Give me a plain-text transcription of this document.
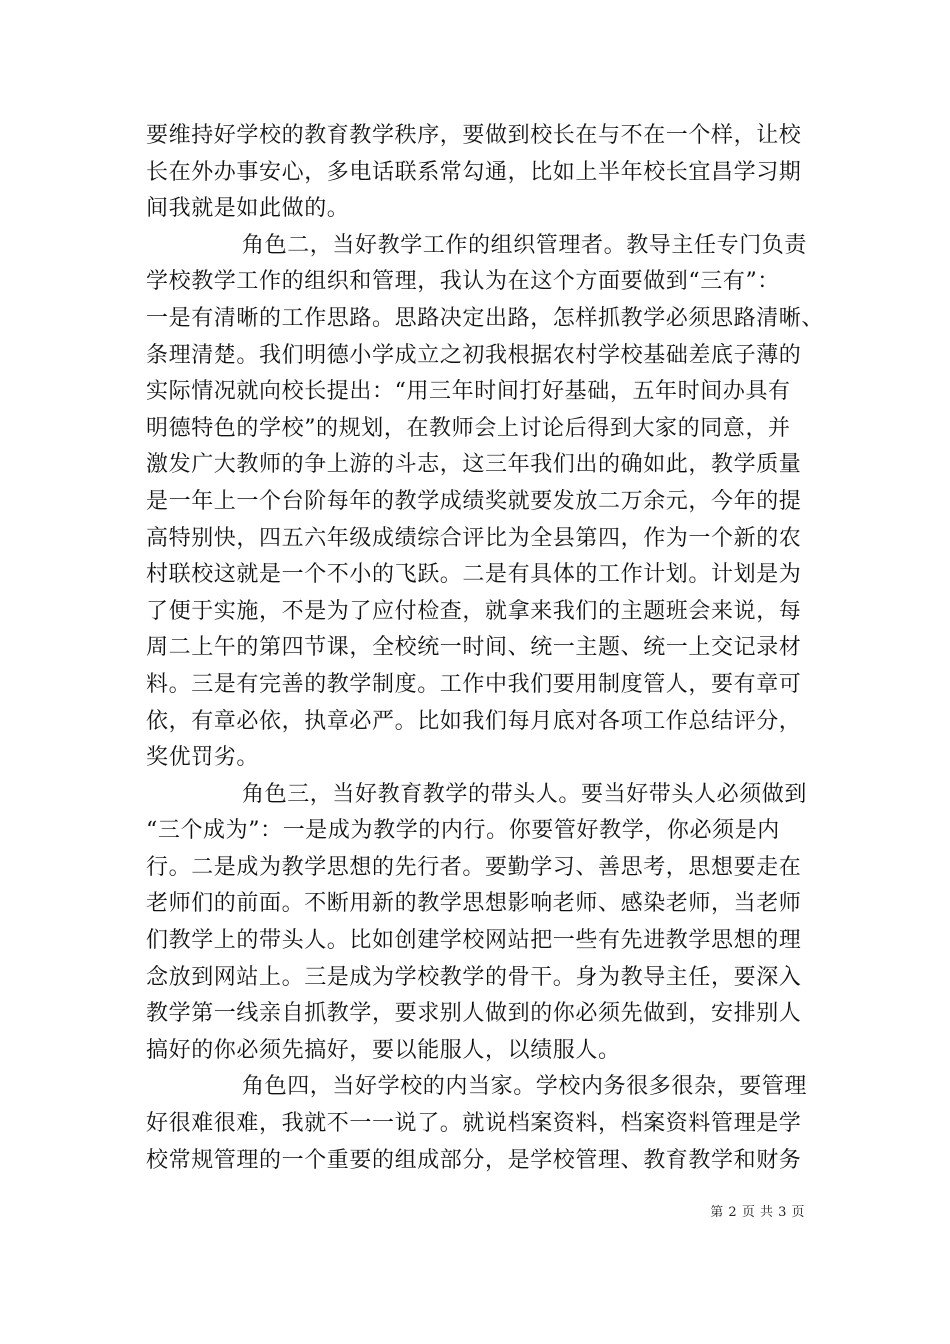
要维持好学校的教育教学秩序，要做到校长在与不在一个样，让校
长在外办事安心，多电话联系常勾通，比如上半年校长宜昌学习期
间我就是如此做的。
角色二，当好教学工作的组织管理者。教导主任专门负责
学校教学工作的组织和管理，我认为在这个方面要做到“三有”：
一是有清晰的工作思路。思路决定出路，怎样抓教学必须思路清晰、
条理清楚。我们明德小学成立之初我根据农村学校基础差底子薄的
实际情况就向校长提出：“用三年时间打好基础，五年时间办具有
明德特色的学校”的规划，在教师会上讨论后得到大家的同意，并
激发广大教师的争上游的斗志，这三年我们出的确如此，教学质量
是一年上一个台阶每年的教学成绩奖就要发放二万余元，今年的提
高特别快，四五六年级成绩综合评比为全县第四，作为一个新的农
村联校这就是一个不小的飞跃。二是有具体的工作计划。计划是为
了便于实施，不是为了应付检查，就拿来我们的主题班会来说，每
周二上午的第四节课，全校统一时间、统一主题、统一上交记录材
料。三是有完善的教学制度。工作中我们要用制度管人，要有章可
依，有章必依，执章必严。比如我们每月底对各项工作总结评分，
奖优罚劣。
角色三，当好教育教学的带头人。要当好带头人必须做到
“三个成为”：一是成为教学的内行。你要管好教学，你必须是内
行。二是成为教学思想的先行者。要勤学习、善思考，思想要走在
老师们的前面。不断用新的教学思想影响老师、感染老师，当老师
们教学上的带头人。比如创建学校网站把一些有先进教学思想的理
念放到网站上。三是成为学校教学的骨干。身为教导主任，要深入
教学第一线亲自抓教学，要求别人做到的你必须先做到，安排别人
搞好的你必须先搞好，要以能服人，以绩服人。
角色四，当好学校的内当家。学校内务很多很杂，要管理
好很难很难，我就不一一说了。就说档案资料，档案资料管理是学
校常规管理的一个重要的组成部分，是学校管理、教育教学和财务
第 2 页 共 3 页
